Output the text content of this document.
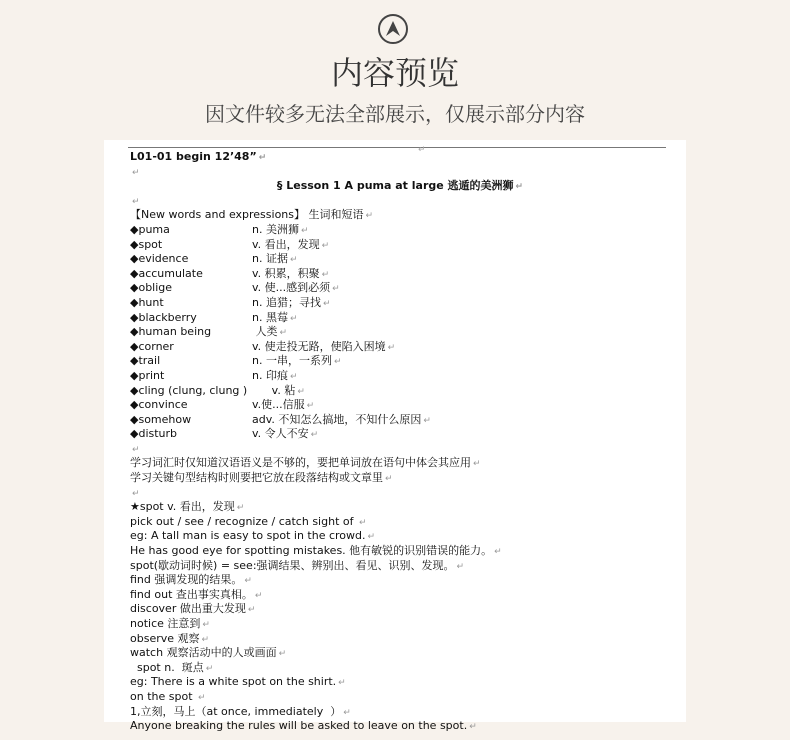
内容预览
因文件较多无法全部展示，仅展示部分内容
↵
L01-01 begin 12’48” ↵
↵
§ Lesson 1 A puma at large 逃遁的美洲狮 ↵
↵
【New words and expressions】 生词和短语 ↵
◆puma	n. 美洲狮 ↵
◆spot	v. 看出，发现 ↵
◆evidence	n. 证据 ↵
◆accumulate	v. 积累，积聚 ↵
◆oblige	v. 使...感到必须 ↵
◆hunt	n. 追猎；寻找 ↵
◆blackberry	n. 黑莓 ↵
◆human being	人类 ↵
◆corner	v. 使走投无路，使陷入困境 ↵
◆trail	n. 一串，一系列 ↵
◆print	n. 印痕 ↵
◆cling (clung, clung )       v. 粘 ↵
◆convince	v.使...信服 ↵
◆somehow	adv. 不知怎么搞地，不知什么原因 ↵
◆disturb	v. 令人不安 ↵
↵
学习词汇时仅知道汉语语义是不够的，要把单词放在语句中体会其应用 ↵
学习关键句型结构时则要把它放在段落结构或文章里 ↵
↵
★spot v. 看出，发现 ↵
pick out / see / recognize / catch sight of ↵
eg: A tall man is easy to spot in the crowd. ↵
He has good eye for spotting mistakes. 他有敏锐的识别错误的能力。 ↵
spot(歇动词时候) = see:强调结果、辨别出、看见、识别、发现。 ↵
find 强调发现的结果。 ↵
find out 查出事实真相。 ↵
discover 做出重大发现 ↵
notice 注意到 ↵
observe 观察 ↵
watch 观察活动中的人或画面 ↵
spot n.  斑点 ↵
eg: There is a white spot on the shirt. ↵
on the spot ↵
1,立刻，马上（at once, immediately  ） ↵
Anyone breaking the rules will be asked to leave on the spot. ↵
